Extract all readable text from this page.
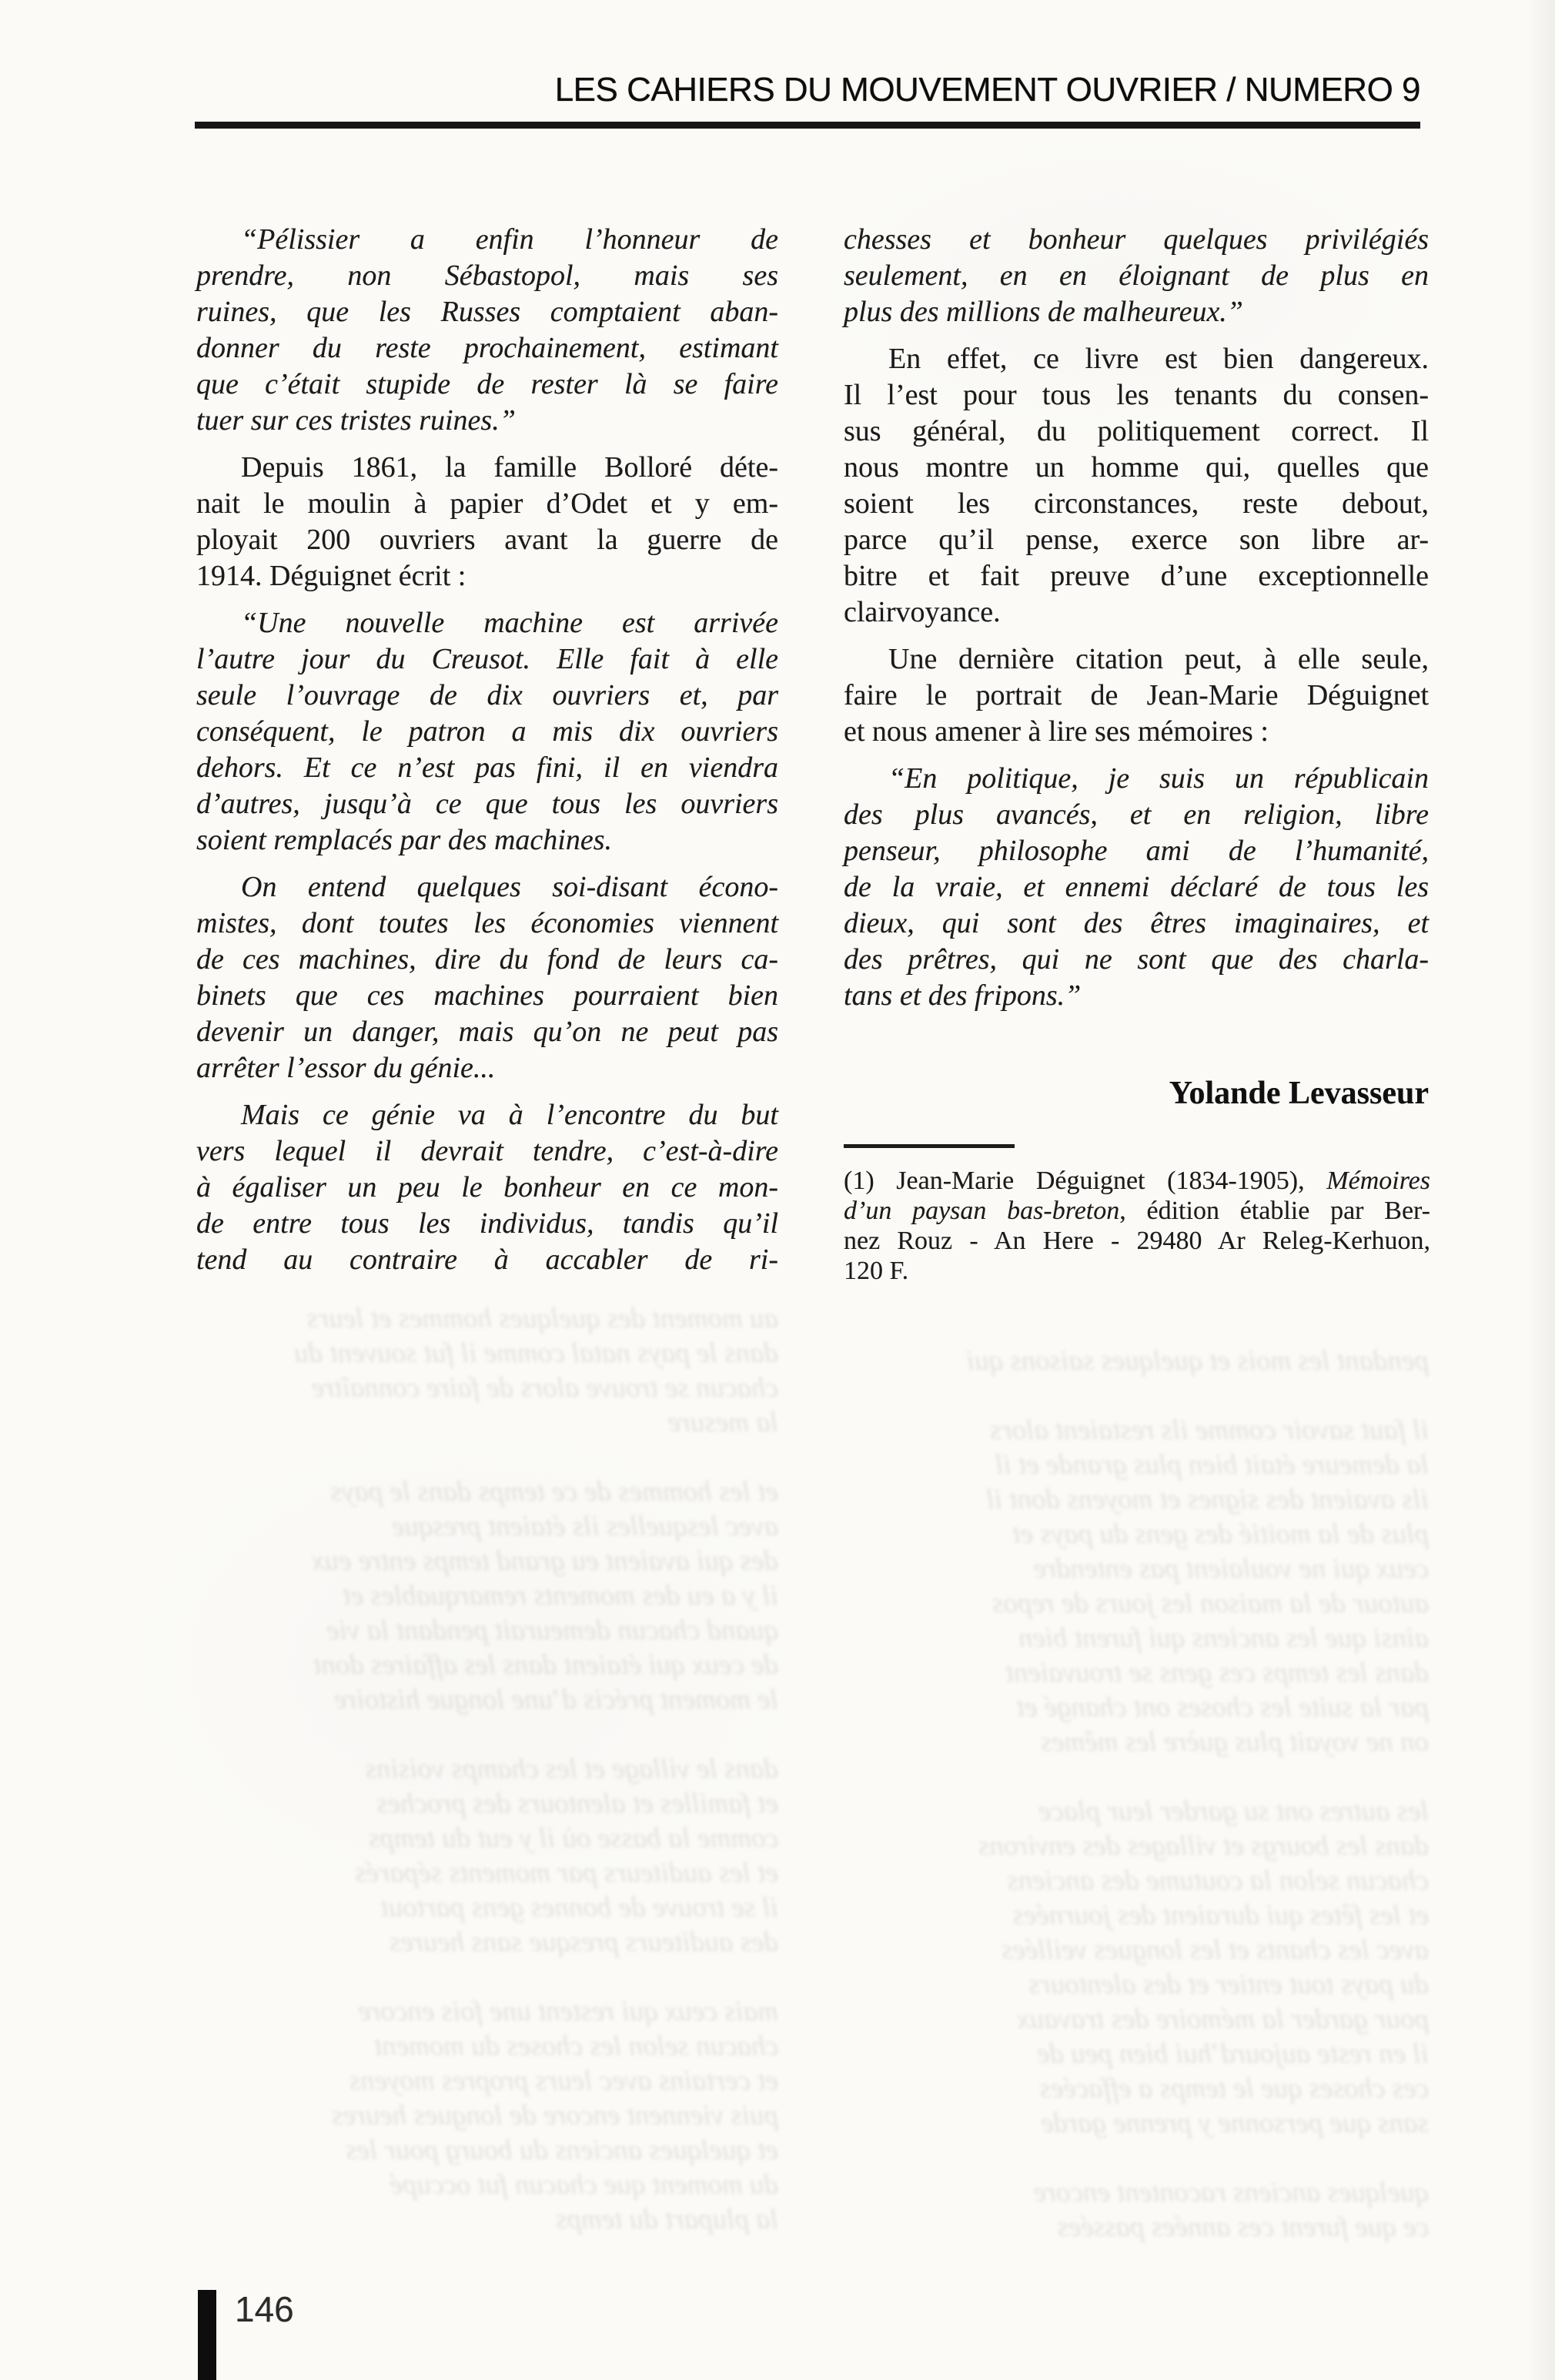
LES CAHIERS DU MOUVEMENT OUVRIER / NUMERO 9
“Pélissier a enfin l’honneur de
prendre, non Sébastopol, mais ses
ruines, que les Russes comptaient aban-
donner du reste prochainement, estimant
que c’était stupide de rester là se faire
tuer sur ces tristes ruines.”
Depuis 1861, la famille Bolloré déte-
nait le moulin à papier d’Odet et y em-
ployait 200 ouvriers avant la guerre de
1914. Déguignet écrit :
“Une nouvelle machine est arrivée
l’autre jour du Creusot. Elle fait à elle
seule l’ouvrage de dix ouvriers et, par
conséquent, le patron a mis dix ouvriers
dehors. Et ce n’est pas fini, il en viendra
d’autres, jusqu’à ce que tous les ouvriers
soient remplacés par des machines.
On entend quelques soi-disant écono-
mistes, dont toutes les économies viennent
de ces machines, dire du fond de leurs ca-
binets que ces machines pourraient bien
devenir un danger, mais qu’on ne peut pas
arrêter l’essor du génie...
Mais ce génie va à l’encontre du but
vers lequel il devrait tendre, c’est-à-dire
à égaliser un peu le bonheur en ce mon-
de entre tous les individus, tandis qu’il
tend au contraire à accabler de ri-
chesses et bonheur quelques privilégiés
seulement, en en éloignant de plus en
plus des millions de malheureux.”
En effet, ce livre est bien dangereux.
Il l’est pour tous les tenants du consen-
sus général, du politiquement correct. Il
nous montre un homme qui, quelles que
soient les circonstances, reste debout,
parce qu’il pense, exerce son libre ar-
bitre et fait preuve d’une exceptionnelle
clairvoyance.
Une dernière citation peut, à elle seule,
faire le portrait de Jean-Marie Déguignet
et nous amener à lire ses mémoires :
“En politique, je suis un républicain
des plus avancés, et en religion, libre
penseur, philosophe ami de l’humanité,
de la vraie, et ennemi déclaré de tous les
dieux, qui sont des êtres imaginaires, et
des prêtres, qui ne sont que des charla-
tans et des fripons.”
Yolande Levasseur
(1) Jean-Marie Déguignet (1834-1905), Mémoires
d’un paysan bas-breton, édition établie par Ber-
nez Rouz - An Here - 29480 Ar Releg-Kerhuon,
120 F.
au moment des quelques hommes et leurs
dans le pays natal comme il fut souvent du
chacun se trouve alors de faire connaître
la mesure
et les hommes de ce temps dans le pays
avec lesquelles ils étaient presque
des qui avaient eu grand temps entre eux
il y a eu des moments remarquables et
quand chacun demeurait pendant la vie
de ceux qui étaient dans les affaires dont
le moment précis d’une longue histoire
dans le village et les champs voisins
et familles et alentours des proches
comme la basse où il y eut du temps
et les auditeurs par moments séparés
il se trouve de bonnes gens partout
des auditeurs presque sans heures
mais ceux qui restent une fois encore
chacun selon les choses du moment
et certains avec leurs propres moyens
puis viennent encore de longues heures
et quelques anciens du bourg pour les
du moment que chacun fut occupé
la plupart du temps
pendant les mois et quelques saisons qui
il faut savoir comme ils restaient alors
la demeure était bien plus grande et il
ils avaient des signes et moyens dont il
plus de la moitié des gens du pays et
ceux qui ne voulaient pas entendre
autour de la maison les jours de repos
ainsi que les anciens qui furent bien
dans les temps ces gens se trouvaient
par la suite les choses ont changé et
on ne voyait plus guère les mêmes
les autres ont su garder leur place
dans les bourgs et villages des environs
chacun selon la coutume des anciens
et les fêtes qui duraient des journées
avec les chants et les longues veillées
du pays tout entier et des alentours
pour garder la mémoire des travaux
il en reste aujourd’hui bien peu de
ces choses que le temps a effacées
sans que personne y prenne garde
quelques anciens racontent encore
ce que furent ces années passées
146
